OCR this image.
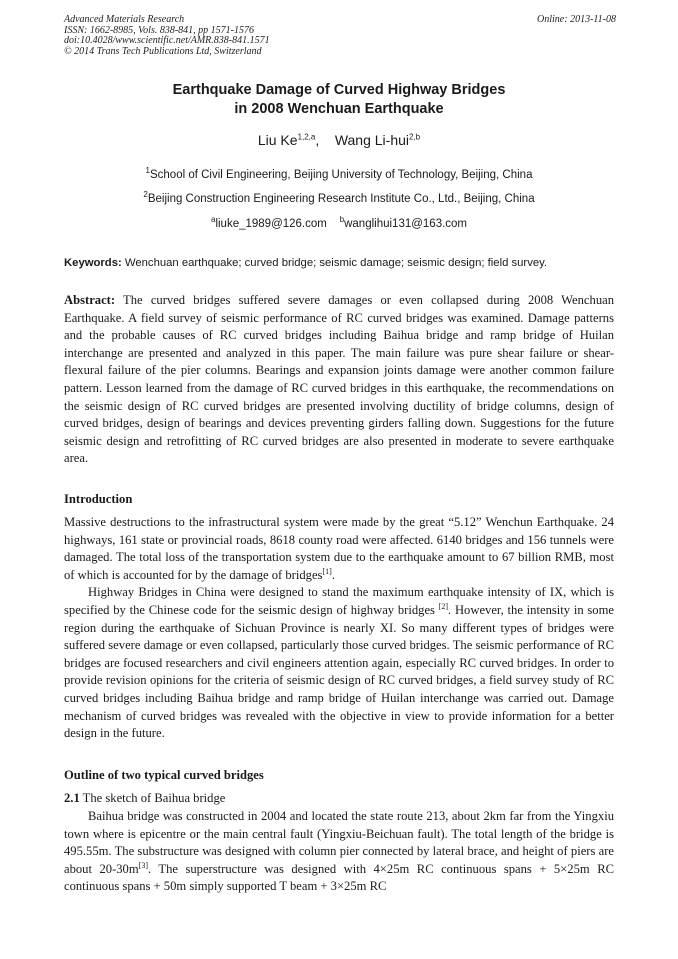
Advanced Materials Research
ISSN: 1662-8985, Vols. 838-841, pp 1571-1576
doi:10.4028/www.scientific.net/AMR.838-841.1571
© 2014 Trans Tech Publications Ltd, Switzerland
Online: 2013-11-08
Earthquake Damage of Curved Highway Bridges
in 2008 Wenchuan Earthquake
Liu Ke$^{1,2,a}$, Wang Li-hui$^{2,b}$
$^1$School of Civil Engineering, Beijing University of Technology, Beijing, China
$^2$Beijing Construction Engineering Research Institute Co., Ltd., Beijing, China
$^a$liuke_1989@126.com $^b$wanglihui131@163.com
Keywords: Wenchuan earthquake; curved bridge; seismic damage; seismic design; field survey.

Abstract: The curved bridges suffered severe damages or even collapsed during 2008 Wenchuan Earthquake. A field survey of seismic performance of RC curved bridges was examined. Damage patterns and the probable causes of RC curved bridges including Baihua bridge and ramp bridge of Huilan interchange are presented and analyzed in this paper. The main failure was pure shear failure or shear-flexural failure of the pier columns. Bearings and expansion joints damage were another common failure pattern. Lesson learned from the damage of RC curved bridges in this earthquake, the recommendations on the seismic design of RC curved bridges are presented involving ductility of bridge columns, design of curved bridges, design of bearings and devices preventing girders falling down. Suggestions for the future seismic design and retrofitting of RC curved bridges are also presented in moderate to severe earthquake area.

Introduction

Massive destructions to the infrastructural system were made by the great “5.12” Wenchun Earthquake. 24 highways, 161 state or provincial roads, 8618 county road were affected. 6140 bridges and 156 tunnels were damaged. The total loss of the transportation system due to the earthquake amount to 67 billion RMB, most of which is accounted for by the damage of bridges[1].

Highway Bridges in China were designed to stand the maximum earthquake intensity of IX, which is specified by the Chinese code for the seismic design of highway bridges [2]. However, the intensity in some region during the earthquake of Sichuan Province is nearly XI. So many different types of bridges were suffered severe damage or even collapsed, particularly those curved bridges. The seismic performance of RC bridges are focused researchers and civil engineers attention again, especially RC curved bridges. In order to provide revision opinions for the criteria of seismic design of RC curved bridges, a field survey study of RC curved bridges including Baihua bridge and ramp bridge of Huilan interchange was carried out. Damage mechanism of curved bridges was revealed with the objective in view to provide information for a better design in the future.

Outline of two typical curved bridges
2.1 The sketch of Baihua bridge

Baihua bridge was constructed in 2004 and located the state route 213, about 2km far from the Yingxiu town where is epicentre or the main central fault (Yingxiu-Beichuan fault). The total length of the bridge is 495.55m. The substructure was designed with column pier connected by lateral brace, and height of piers are about 20-30m[3]. The superstructure was designed with 4×25m RC continuous spans + 5×25m RC continuous spans + 50m simply supported T beam + 3×25m RC
